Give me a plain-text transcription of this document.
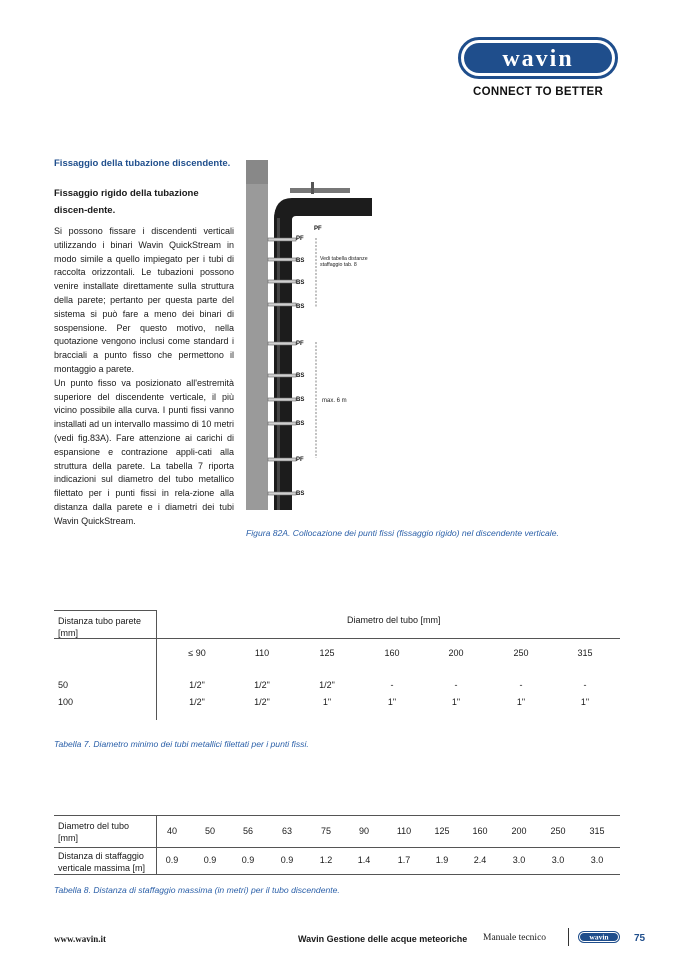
wavin
CONNECT TO BETTER
Fissaggio della tubazione discendente.
Fissaggio rigido della tubazione discen-dente.

Si possono fissare i discendenti verticali utilizzando i binari Wavin QuickStream in modo simile a quello impiegato per i tubi di raccolta orizzontali. Le tubazioni possono venire installate direttamente sulla struttura della parete; pertanto per questa parte del sistema si può fare a meno dei binari di sospensione. Per questo motivo, nella quotazione vengono inclusi come standard i bracciali a punto fisso che permettono il montaggio a parete.

Un punto fisso va posizionato all'estremità superiore del discendente verticale, il più vicino possibile alla curva. I punti fissi vanno installati ad un intervallo massimo di 10 metri (vedi fig.83A). Fare attenzione ai carichi di espansione e contrazione appli-cati alla struttura della parete. La tabella 7 riporta indicazioni sul diametro del tubo metallico filettato per i punti fissi in rela-zione alla distanza dalla parete e i diametri dei tubi Wavin QuickStream.

PF
PF
BS
BS
BS
PF
BS
BS
BS
PF
BS
Vedi tabella distanze staffaggio tab. 8
max. 6 m
Figura 82A. Collocazione dei punti fissi (fissaggio rigido) nel discendente verticale.
Distanza tubo parete
[mm]
Diametro del tubo [mm]
≤ 90	110	125	160	200	250	315
50	1/2"	1/2"	1/2"	-	-	-	-
100	1/2"	1/2"	1"	1"	1"	1"	1"
Tabella 7. Diametro minimo dei tubi metallici filettati per i punti fissi.
Diametro del tubo
[mm]
Distanza di staffaggio
verticale massima [m]
40	50	56	63	75	90	110	125	160	200	250	315
0.9	0.9	0.9	0.9	1.2	1.4	1.7	1.9	2.4	3.0	3.0	3.0
Tabella 8. Distanza di staffaggio massima (in metri) per il tubo discendente.
www.wavin.it	Wavin Gestione delle acque meteoriche Manuale tecnico	wavin	75
